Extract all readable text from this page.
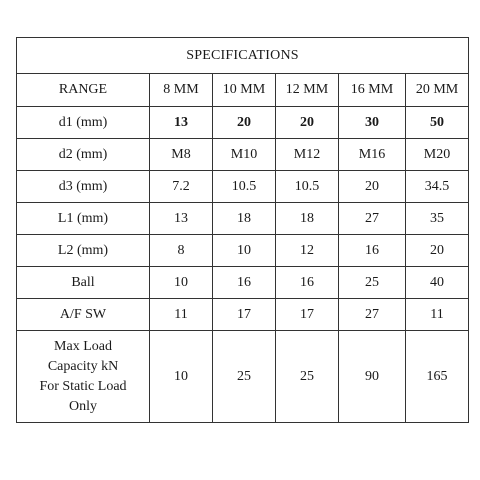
SPECIFICATIONS					
RANGE	8 MM	10 MM	12 MM	16 MM	20 MM
d1 (mm)	13	20	20	30	50
d2 (mm)	M8	M10	M12	M16	M20
d3 (mm)	7.2	10.5	10.5	20	34.5
L1 (mm)	13	18	18	27	35
L2 (mm)	8	10	12	16	20
Ball	10	16	16	25	40
A/F SW	11	17	17	27	11

Max Load
Capacity kN
For Static Load
Only	10	25	25	90	165
